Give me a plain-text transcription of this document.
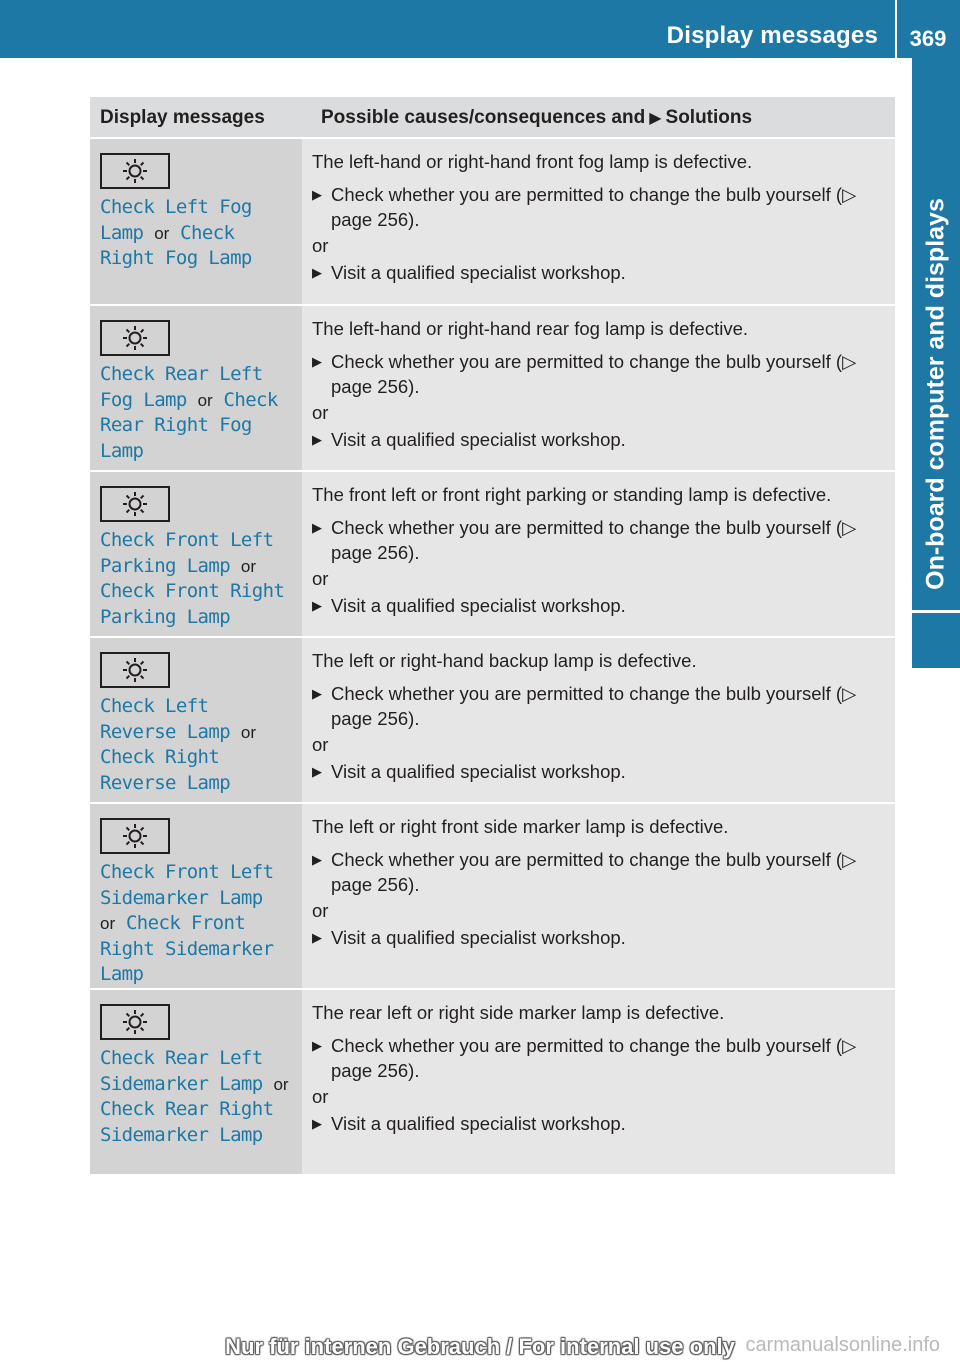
Display messages	369
On-board computer and displays
Display messages	Possible causes/consequences and ▶ Solutions
Check Left Fog Lamp or Check Right Fog Lamp
The left-hand or right-hand front fog lamp is defective.
▶ Check whether you are permitted to change the bulb yourself (▷ page 256).
or
▶ Visit a qualified specialist workshop.
Check Rear Left Fog Lamp or Check Rear Right Fog Lamp
The left-hand or right-hand rear fog lamp is defective.
▶ Check whether you are permitted to change the bulb yourself (▷ page 256).
or
▶ Visit a qualified specialist workshop.
Check Front Left Parking Lamp or Check Front Right Parking Lamp
The front left or front right parking or standing lamp is defective.
▶ Check whether you are permitted to change the bulb yourself (▷ page 256).
or
▶ Visit a qualified specialist workshop.
Check Left Reverse Lamp or Check Right Reverse Lamp
The left or right-hand backup lamp is defective.
▶ Check whether you are permitted to change the bulb yourself (▷ page 256).
or
▶ Visit a qualified specialist workshop.
Check Front Left Sidemarker Lamp or Check Front Right Sidemarker Lamp
The left or right front side marker lamp is defective.
▶ Check whether you are permitted to change the bulb yourself (▷ page 256).
or
▶ Visit a qualified specialist workshop.
Check Rear Left Sidemarker Lamp or Check Rear Right Sidemarker Lamp
The rear left or right side marker lamp is defective.
▶ Check whether you are permitted to change the bulb yourself (▷ page 256).
or
▶ Visit a qualified specialist workshop.
Nur für internen Gebrauch / For internal use only carmanualsonline.info
